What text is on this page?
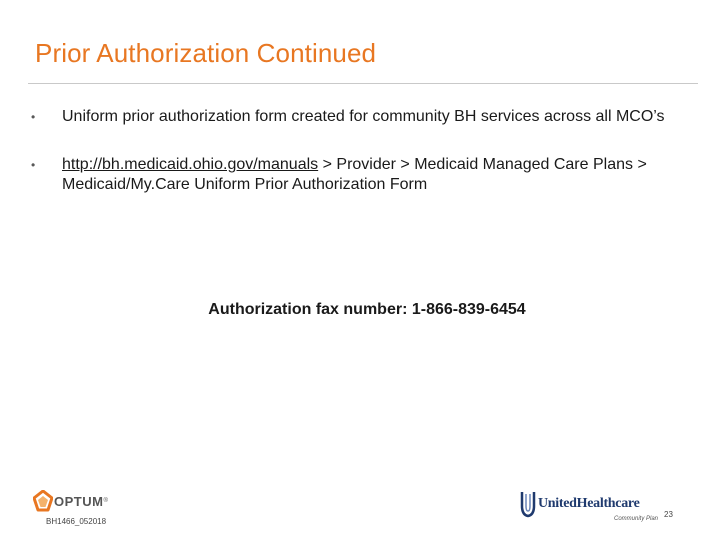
Prior Authorization Continued
• Uniform prior authorization form created for community BH services across all MCO’s
• http://bh.medicaid.ohio.gov/manuals > Provider > Medicaid Managed Care Plans > Medicaid/My.Care Uniform Prior Authorization Form
Authorization fax number: 1-866-839-6454
OPTUM ®
BH1466_052018
UnitedHealthcare
Community Plan 23
